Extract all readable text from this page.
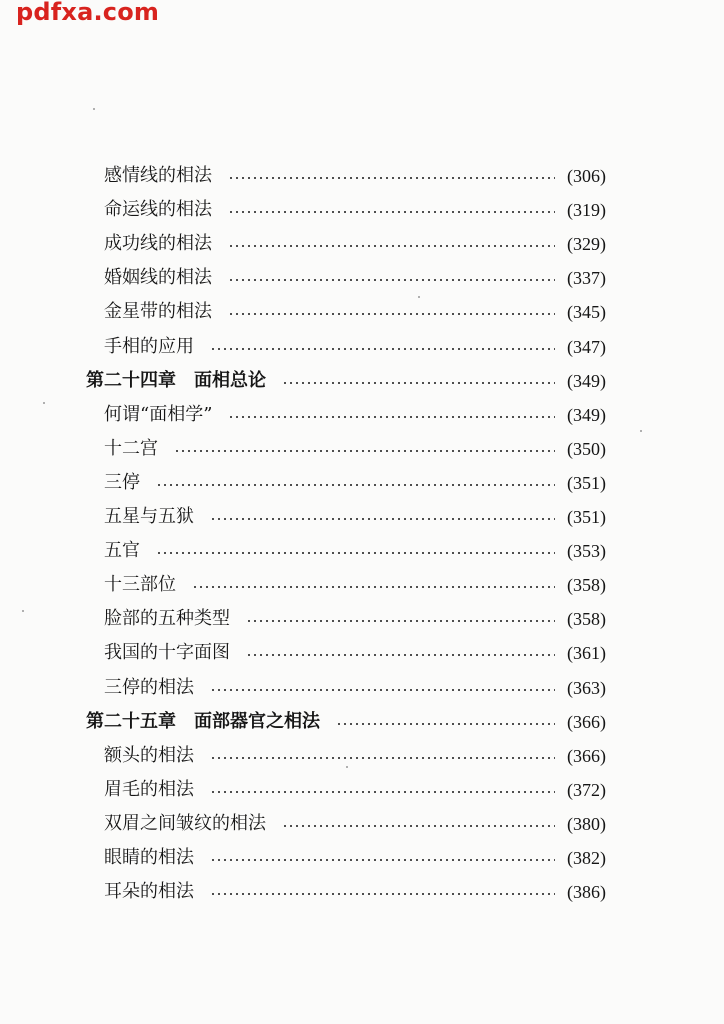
pdfxa.com
感情线的相法	(306)
命运线的相法	(319)
成功线的相法	(329)
婚姻线的相法	(337)
金星带的相法	(345)
手相的应用	(347)
第二十四章　面相总论	(349)
何谓“面相学”	(349)
十二宫	(350)
三停	(351)
五星与五狱	(351)
五官	(353)
十三部位	(358)
脸部的五种类型	(358)
我国的十字面图	(361)
三停的相法	(363)
第二十五章　面部器官之相法	(366)
额头的相法	(366)
眉毛的相法	(372)
双眉之间皱纹的相法	(380)
眼睛的相法	(382)
耳朵的相法	(386)
